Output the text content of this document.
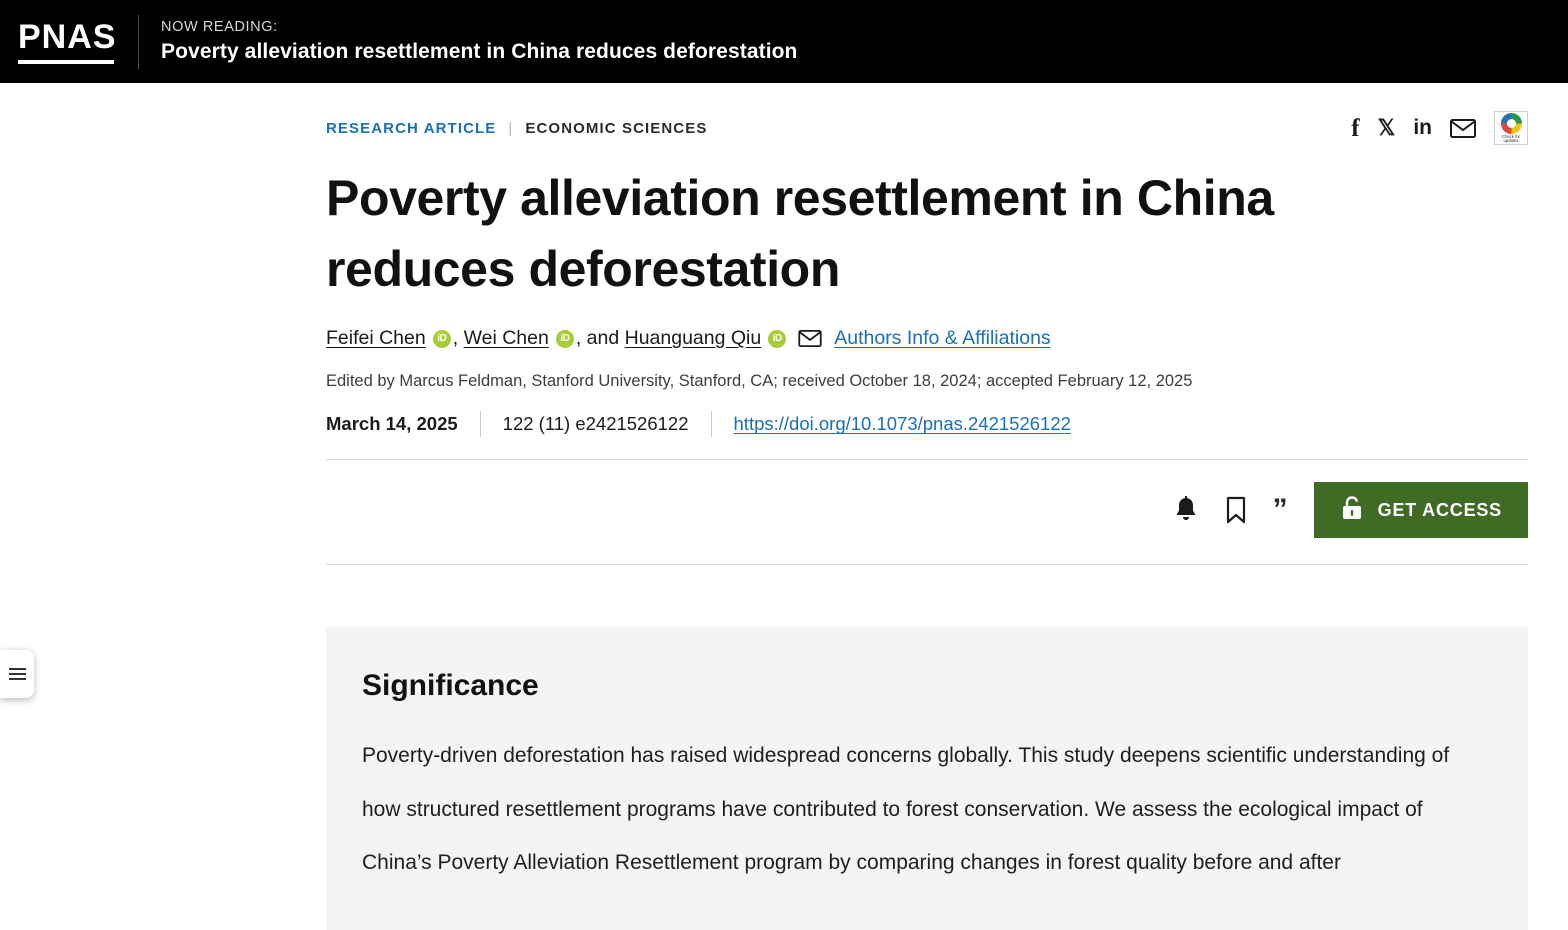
PNAS	NOW READING:
Poverty alleviation resettlement in China reduces deforestation
RESEARCH ARTICLE | ECONOMIC SCIENCES	f 𝕏 in	Check for updates
Poverty alleviation resettlement in China reduces deforestation
Feifei Chen	iD ,
Wei Chen	iD , and
Huanguang Qiu	iD	Authors Info & Affiliations
Edited by Marcus Feldman, Stanford University, Stanford, CA; received October 18, 2024; accepted February 12, 2025
March 14, 2025 122 (11) e2421526122 https://doi.org/10.1073/pnas.2421526122
”	GET ACCESS
Significance

Poverty-driven deforestation has raised widespread concerns globally. This study deepens scientific understanding of how structured resettlement programs have contributed to forest conservation. We assess the ecological impact of China’s Poverty Alleviation Resettlement program by comparing changes in forest quality before and after
